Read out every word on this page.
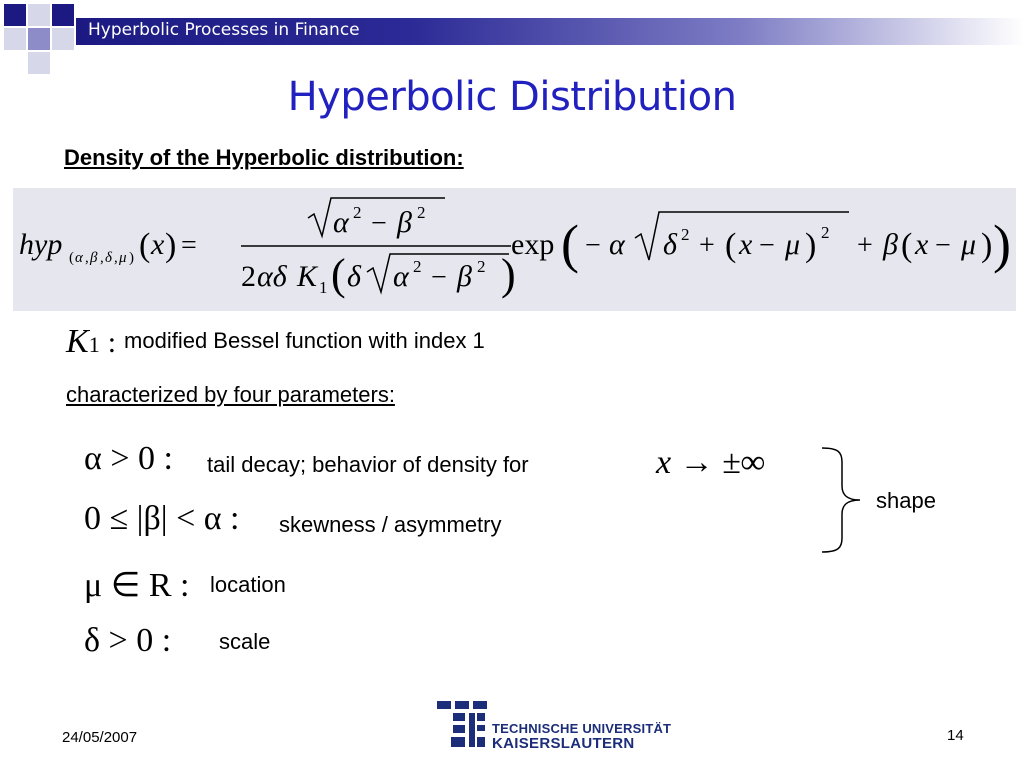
Hyperbolic Processes in Finance
Hyperbolic Distribution
Density of the Hyperbolic distribution:
hyp ( α , β , δ , μ ) ( x ) =
α 2 − β 2
2 αδ K 1 ( δ α 2 − β 2 )
exp ( − α δ 2 + ( x − μ ) 2 + β ( x − μ ) )
K1 : modified Bessel function with index 1
characterized by four parameters:
α > 0 : tail decay; behavior of density for	x → ±∞
0 ≤ |β| < α : skewness / asymmetry
μ ∈ R : location
δ > 0 : scale
shape
24/05/2007	14
TECHNISCHE UNIVERSITÄT
KAISERSLAUTERN
